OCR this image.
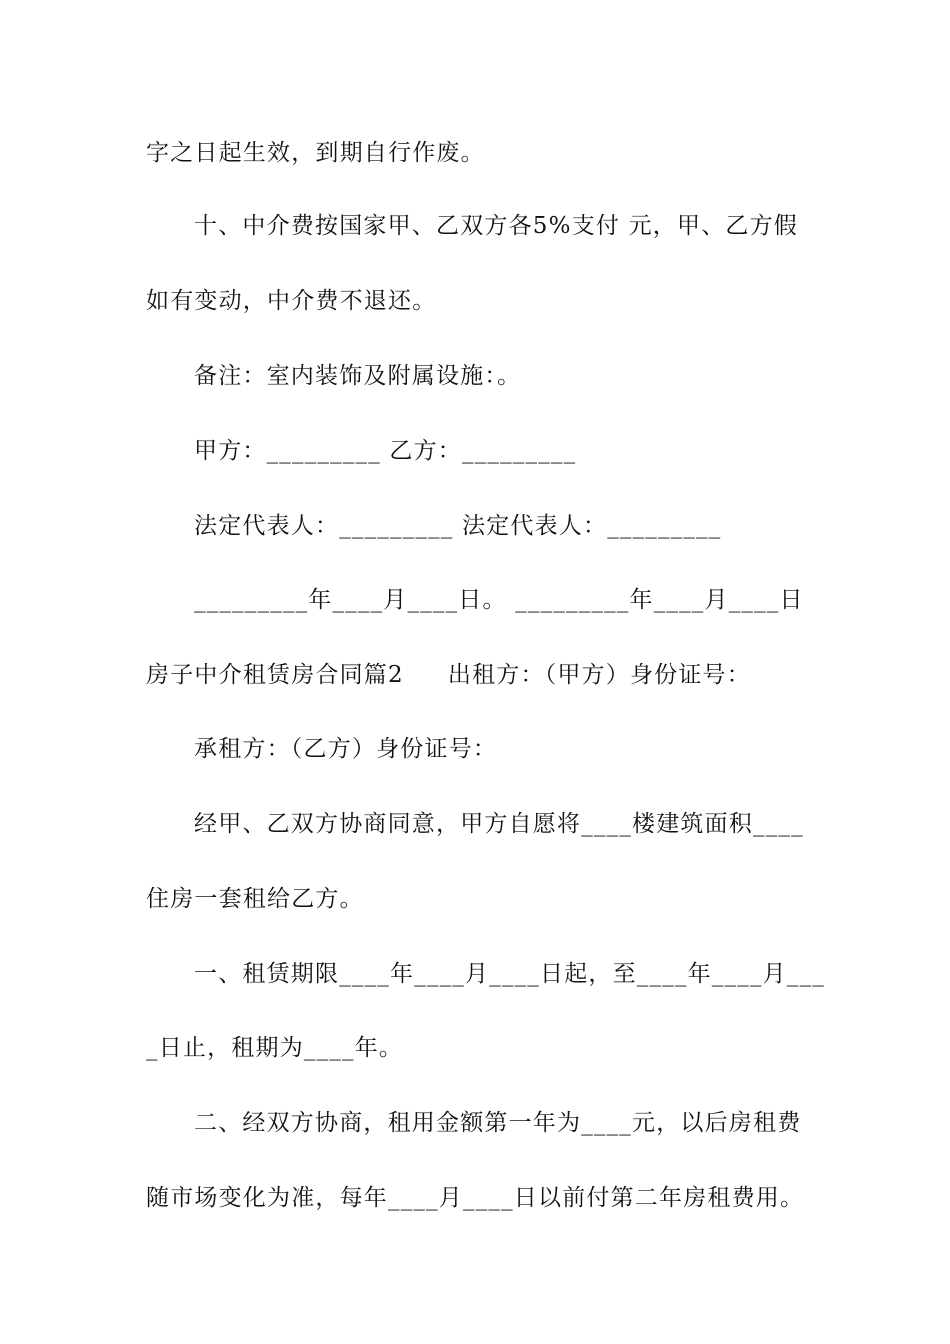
字之日起生效，到期自行作废。
十、中介费按国家甲、乙双方各5%支付 元，甲、乙方假
如有变动，中介费不退还。
备注：室内装饰及附属设施：。
甲方：_________ 乙方：_________
法定代表人：_________ 法定代表人：_________
_________年____月____日。 _________年____月____日
房子中介租赁房合同篇2 出租方：（甲方）身份证号：
承租方：（乙方）身份证号：
经甲、乙双方协商同意，甲方自愿将____楼建筑面积____
住房一套租给乙方。
一、租赁期限____年____月____日起，至____年____月___
_日止，租期为____年。
二、经双方协商，租用金额第一年为____元，以后房租费
随市场变化为准，每年____月____日以前付第二年房租费用。
